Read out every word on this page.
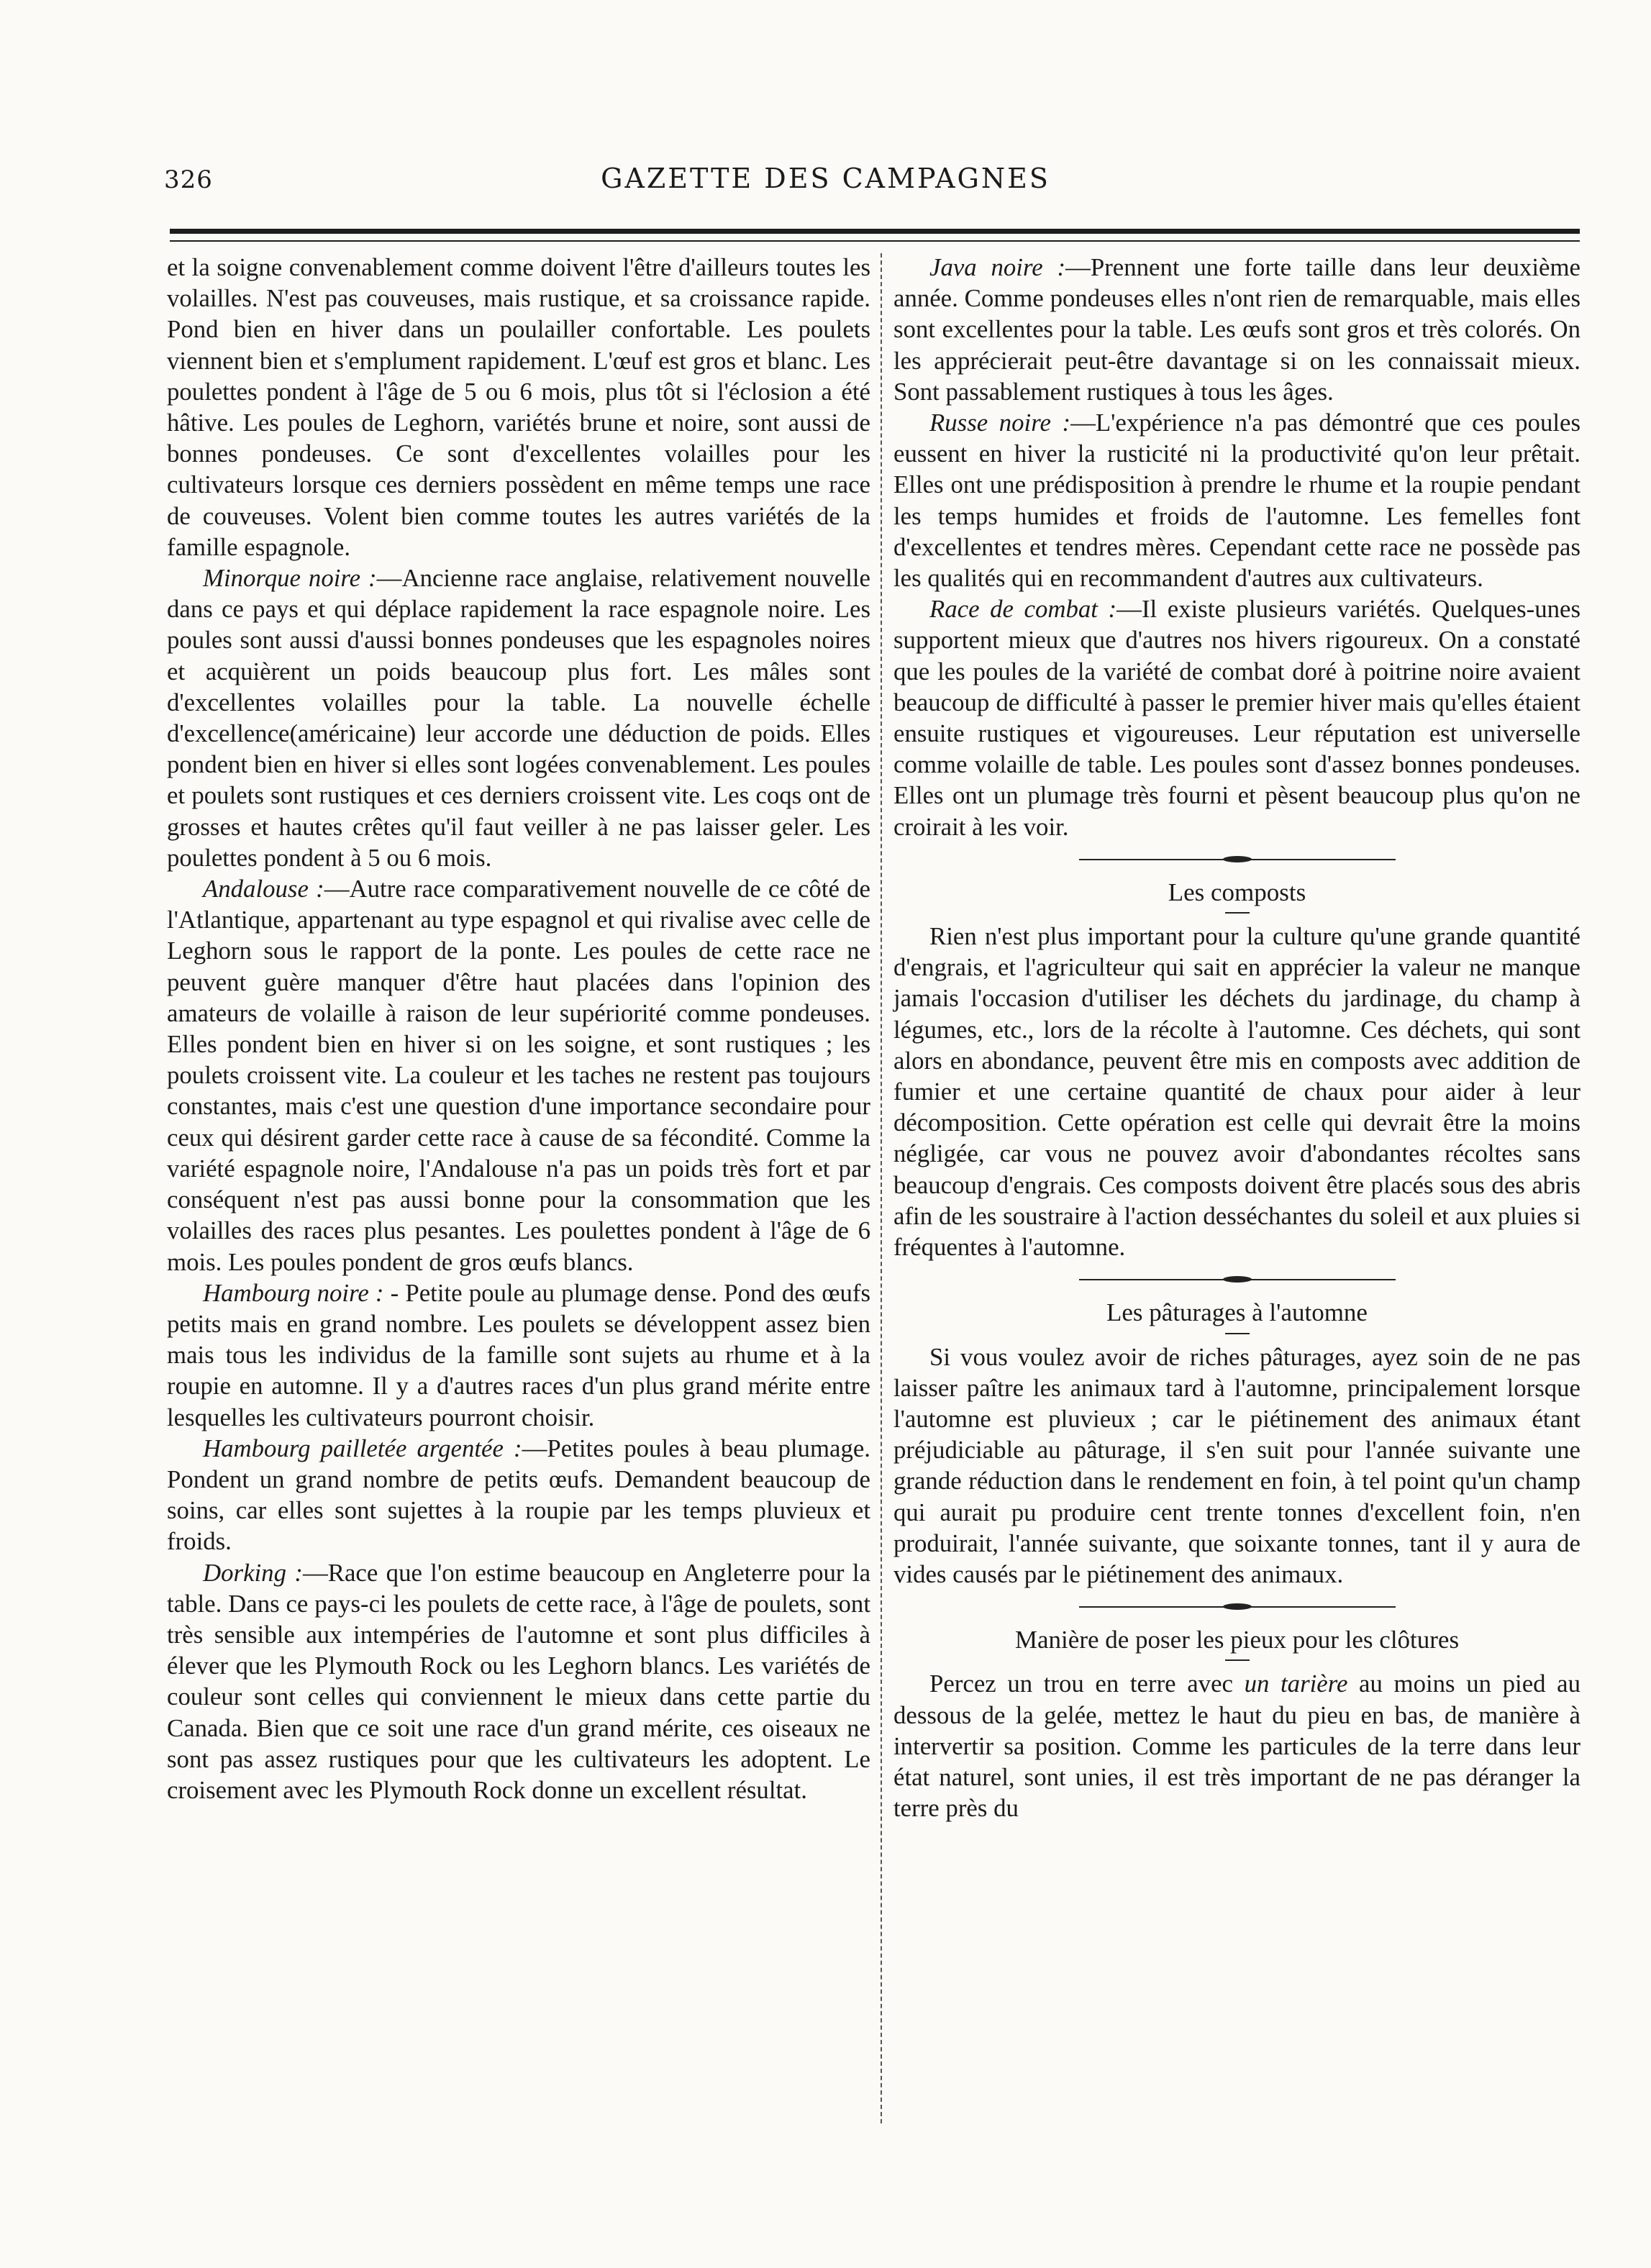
326	GAZETTE DES CAMPAGNES

et la soigne convenablement comme doivent l'être d'ailleurs toutes les volailles. N'est pas couveuses, mais rustique, et sa croissance rapide. Pond bien en hiver dans un poulailler confortable. Les poulets viennent bien et s'emplument rapidement. L'œuf est gros et blanc. Les poulettes pondent à l'âge de 5 ou 6 mois, plus tôt si l'éclosion a été hâtive. Les poules de Leghorn, variétés brune et noire, sont aussi de bonnes pondeuses. Ce sont d'excellentes volailles pour les cultivateurs lorsque ces derniers possèdent en même temps une race de couveuses. Volent bien comme toutes les autres variétés de la famille espagnole.

Minorque noire :—Ancienne race anglaise, relativement nouvelle dans ce pays et qui déplace rapidement la race espagnole noire. Les poules sont aussi d'aussi bonnes pondeuses que les espagnoles noires et acquièrent un poids beaucoup plus fort. Les mâles sont d'excellentes volailles pour la table. La nouvelle échelle d'excellence(américaine) leur accorde une déduction de poids. Elles pondent bien en hiver si elles sont logées convenablement. Les poules et poulets sont rustiques et ces derniers croissent vite. Les coqs ont de grosses et hautes crêtes qu'il faut veiller à ne pas laisser geler. Les poulettes pondent à 5 ou 6 mois.

Andalouse :—Autre race comparativement nouvelle de ce côté de l'Atlantique, appartenant au type espagnol et qui rivalise avec celle de Leghorn sous le rapport de la ponte. Les poules de cette race ne peuvent guère manquer d'être haut placées dans l'opinion des amateurs de volaille à raison de leur supériorité comme pondeuses. Elles pondent bien en hiver si on les soigne, et sont rustiques ; les poulets croissent vite. La couleur et les taches ne restent pas toujours constantes, mais c'est une question d'une importance secondaire pour ceux qui désirent garder cette race à cause de sa fécondité. Comme la variété espagnole noire, l'Andalouse n'a pas un poids très fort et par conséquent n'est pas aussi bonne pour la consommation que les volailles des races plus pesantes. Les poulettes pondent à l'âge de 6 mois. Les poules pondent de gros œufs blancs.

Hambourg noire : - Petite poule au plumage dense. Pond des œufs petits mais en grand nombre. Les poulets se développent assez bien mais tous les individus de la famille sont sujets au rhume et à la roupie en automne. Il y a d'autres races d'un plus grand mérite entre lesquelles les cultivateurs pourront choisir.

Hambourg pailletée argentée :—Petites poules à beau plumage. Pondent un grand nombre de petits œufs. Demandent beaucoup de soins, car elles sont sujettes à la roupie par les temps pluvieux et froids.

Dorking :—Race que l'on estime beaucoup en Angleterre pour la table. Dans ce pays-ci les poulets de cette race, à l'âge de poulets, sont très sensible aux intempéries de l'automne et sont plus difficiles à élever que les Plymouth Rock ou les Leghorn blancs. Les variétés de couleur sont celles qui conviennent le mieux dans cette partie du Canada. Bien que ce soit une race d'un grand mérite, ces oiseaux ne sont pas assez rustiques pour que les cultivateurs les adoptent. Le croisement avec les Plymouth Rock donne un excellent résultat.

Java noire :—Prennent une forte taille dans leur deuxième année. Comme pondeuses elles n'ont rien de remarquable, mais elles sont excellentes pour la table. Les œufs sont gros et très colorés. On les apprécierait peut-être davantage si on les connaissait mieux. Sont passablement rustiques à tous les âges.

Russe noire :—L'expérience n'a pas démontré que ces poules eussent en hiver la rusticité ni la productivité qu'on leur prêtait. Elles ont une prédisposition à prendre le rhume et la roupie pendant les temps humides et froids de l'automne. Les femelles font d'excellentes et tendres mères. Cependant cette race ne possède pas les qualités qui en recommandent d'autres aux cultivateurs.

Race de combat :—Il existe plusieurs variétés. Quelques-unes supportent mieux que d'autres nos hivers rigoureux. On a constaté que les poules de la variété de combat doré à poitrine noire avaient beaucoup de difficulté à passer le premier hiver mais qu'elles étaient ensuite rustiques et vigoureuses. Leur réputation est universelle comme volaille de table. Les poules sont d'assez bonnes pondeuses. Elles ont un plumage très fourni et pèsent beaucoup plus qu'on ne croirait à les voir.

Les composts

Rien n'est plus important pour la culture qu'une grande quantité d'engrais, et l'agriculteur qui sait en apprécier la valeur ne manque jamais l'occasion d'utiliser les déchets du jardinage, du champ à légumes, etc., lors de la récolte à l'automne. Ces déchets, qui sont alors en abondance, peuvent être mis en composts avec addition de fumier et une certaine quantité de chaux pour aider à leur décomposition. Cette opération est celle qui devrait être la moins négligée, car vous ne pouvez avoir d'abondantes récoltes sans beaucoup d'engrais. Ces composts doivent être placés sous des abris afin de les soustraire à l'action desséchantes du soleil et aux pluies si fréquentes à l'automne.

Les pâturages à l'automne

Si vous voulez avoir de riches pâturages, ayez soin de ne pas laisser paître les animaux tard à l'automne, principalement lorsque l'automne est pluvieux ; car le piétinement des animaux étant préjudiciable au pâturage, il s'en suit pour l'année suivante une grande réduction dans le rendement en foin, à tel point qu'un champ qui aurait pu produire cent trente tonnes d'excellent foin, n'en produirait, l'année suivante, que soixante tonnes, tant il y aura de vides causés par le piétinement des animaux.

Manière de poser les pieux pour les clôtures

Percez un trou en terre avec un tarière au moins un pied au dessous de la gelée, mettez le haut du pieu en bas, de manière à intervertir sa position. Comme les particules de la terre dans leur état naturel, sont unies, il est très important de ne pas déranger la terre près du
